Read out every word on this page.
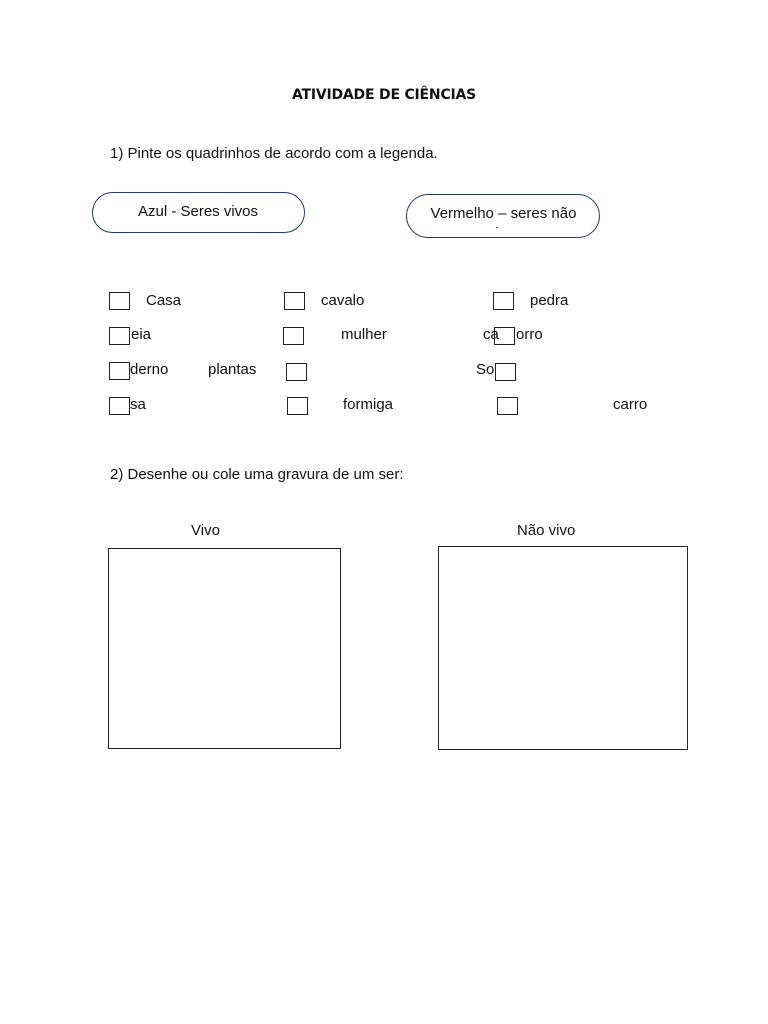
ATIVIDADE DE CIÊNCIAS
1) Pinte os quadrinhos de acordo com a legenda.
Azul - Seres vivos	Vermelho – seres não
Casa	cavalo	pedra
eia	mulher	ca orro
derno	plantas	So
sa	formiga	carro
2) Desenhe ou cole uma gravura de um ser:
Vivo	Não vivo
